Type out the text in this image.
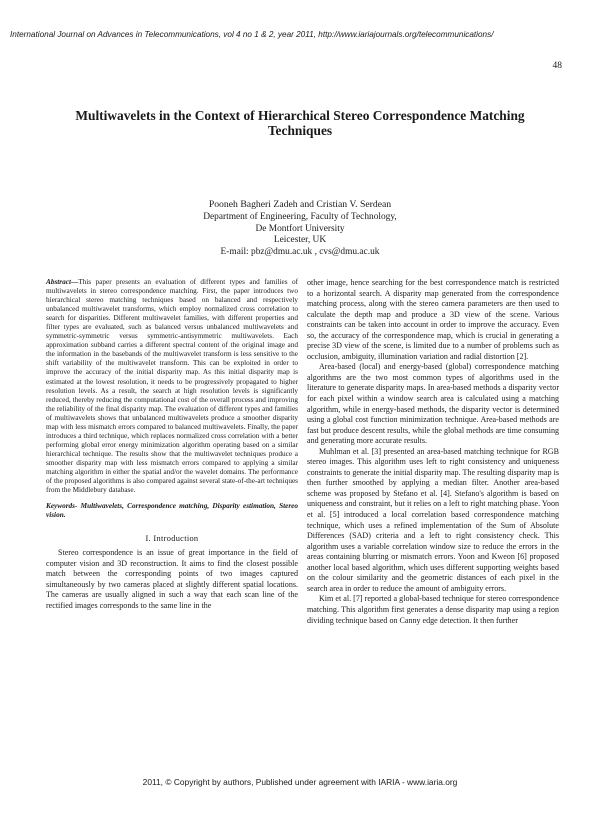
International Journal on Advances in Telecommunications, vol 4 no 1 & 2, year 2011, http://www.iariajournals.org/telecommunications/
48
Multiwavelets in the Context of Hierarchical Stereo Correspondence Matching Techniques
Pooneh Bagheri Zadeh and Cristian V. Serdean
Department of Engineering, Faculty of Technology,
De Montfort University
Leicester, UK
E-mail: pbz@dmu.ac.uk , cvs@dmu.ac.uk

Abstract—This paper presents an evaluation of different types and families of multiwavelets in stereo correspondence matching. First, the paper introduces two hierarchical stereo matching techniques based on balanced and respectively unbalanced multiwavelet transforms, which employ normalized cross correlation to search for disparities. Different multiwavelet families, with different properties and filter types are evaluated, such as balanced versus unbalanced multiwavelets and symmetric-symmetric versus symmetric-antisymmetric multiwavelets. Each approximation subband carries a different spectral content of the original image and the information in the basebands of the multiwavelet transform is less sensitive to the shift variability of the multiwavelet transform. This can be exploited in order to improve the accuracy of the initial disparity map. As this initial disparity map is estimated at the lowest resolution, it needs to be progressively propagated to higher resolution levels. As a result, the search at high resolution levels is significantly reduced, thereby reducing the computational cost of the overall process and improving the reliability of the final disparity map. The evaluation of different types and families of multiwavelets shows that unbalanced multiwavelets produce a smoother disparity map with less mismatch errors compared to balanced multiwavelets. Finally, the paper introduces a third technique, which replaces normalized cross correlation with a better performing global error energy minimization algorithm operating based on a similar hierarchical technique. The results show that the multiwavelet techniques produce a smoother disparity map with less mismatch errors compared to applying a similar matching algorithm in either the spatial and/or the wavelet domains. The performance of the proposed algorithms is also compared against several state-of-the-art techniques from the Middlebury database.

Keywords- Multiwavelets, Correspondence matching, Disparity estimation, Stereo vision.

I. Introduction

Stereo correspondence is an issue of great importance in the field of computer vision and 3D reconstruction. It aims to find the closest possible match between the corresponding points of two images captured simultaneously by two cameras placed at slightly different spatial locations. The cameras are usually aligned in such a way that each scan line of the rectified images corresponds to the same line in the

other image, hence searching for the best correspondence match is restricted to a horizontal search. A disparity map generated from the correspondence matching process, along with the stereo camera parameters are then used to calculate the depth map and produce a 3D view of the scene. Various constraints can be taken into account in order to improve the accuracy. Even so, the accuracy of the correspondence map, which is crucial in generating a precise 3D view of the scene, is limited due to a number of problems such as occlusion, ambiguity, illumination variation and radial distortion [2].

Area-based (local) and energy-based (global) correspondence matching algorithms are the two most common types of algorithms used in the literature to generate disparity maps. In area-based methods a disparity vector for each pixel within a window search area is calculated using a matching algorithm, while in energy-based methods, the disparity vector is determined using a global cost function minimization technique. Area-based methods are fast but produce descent results, while the global methods are time consuming and generating more accurate results.

Muhlman et al. [3] presented an area-based matching technique for RGB stereo images. This algorithm uses left to right consistency and uniqueness constraints to generate the initial disparity map. The resulting disparity map is then further smoothed by applying a median filter. Another area-based scheme was proposed by Stefano et al. [4]. Stefano's algorithm is based on uniqueness and constraint, but it relies on a left to right matching phase. Yoon et al. [5] introduced a local correlation based correspondence matching technique, which uses a refined implementation of the Sum of Absolute Differences (SAD) criteria and a left to right consistency check. This algorithm uses a variable correlation window size to reduce the errors in the areas containing blurring or mismatch errors. Yoon and Kweon [6] proposed another local based algorithm, which uses different supporting weights based on the colour similarity and the geometric distances of each pixel in the search area in order to reduce the amount of ambiguity errors.

Kim et al. [7] reported a global-based technique for stereo correspondence matching. This algorithm first generates a dense disparity map using a region dividing technique based on Canny edge detection. It then further

2011, © Copyright by authors, Published under agreement with IARIA - www.iaria.org
